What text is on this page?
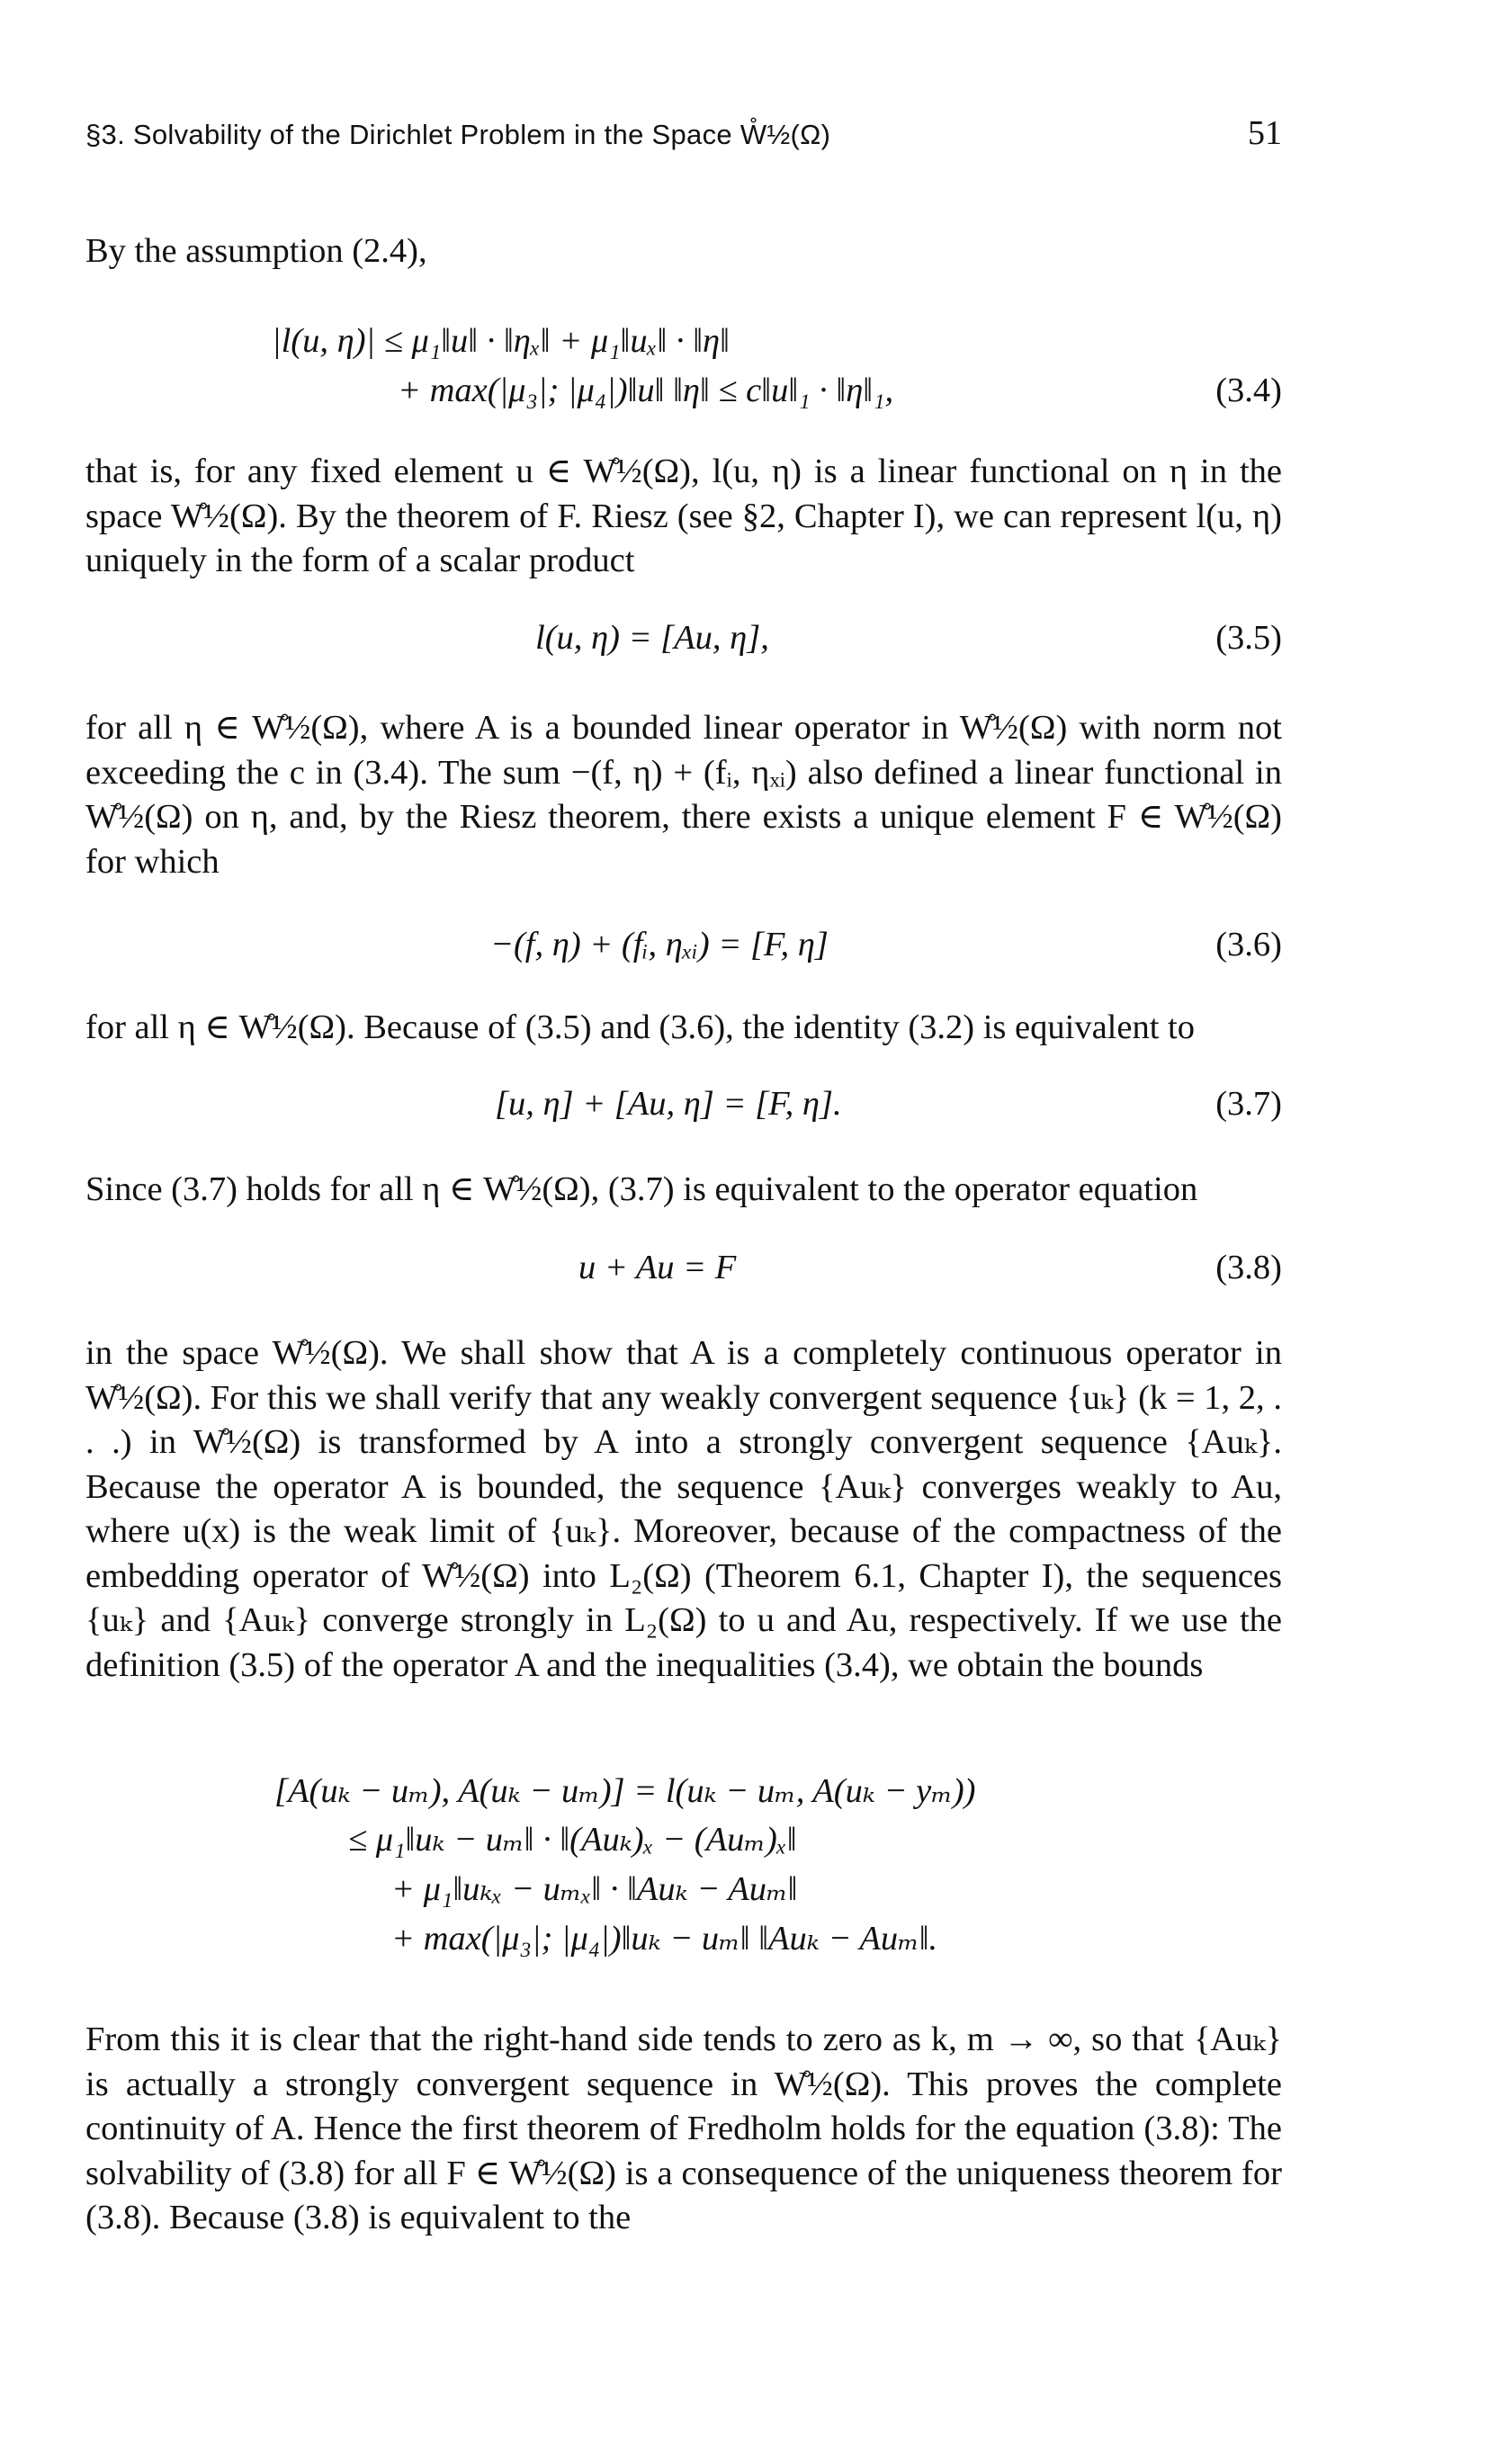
§3. Solvability of the Dirichlet Problem in the Space W̊½(Ω)	51

By the assumption (2.4),

|l(u, η)| ≤ μ₁‖u‖ · ‖ηₓ‖ + μ₁‖uₓ‖ · ‖η‖
+ max(|μ₃|; |μ₄|)‖u‖ ‖η‖ ≤ c‖u‖₁ · ‖η‖₁,	(3.4)

that is, for any fixed element u ∈ W̊½(Ω), l(u, η) is a linear functional on η in the space W̊½(Ω). By the theorem of F. Riesz (see §2, Chapter I), we can represent l(u, η) uniquely in the form of a scalar product

l(u, η) = [Au, η],	(3.5)

for all η ∈ W̊½(Ω), where A is a bounded linear operator in W̊½(Ω) with norm not exceeding the c in (3.4). The sum −(f, η) + (fᵢ, ηₓᵢ) also defined a linear functional in W̊½(Ω) on η, and, by the Riesz theorem, there exists a unique element F ∈ W̊½(Ω) for which

−(f, η) + (fᵢ, ηₓᵢ) = [F, η]	(3.6)

for all η ∈ W̊½(Ω). Because of (3.5) and (3.6), the identity (3.2) is equivalent to

[u, η] + [Au, η] = [F, η].	(3.7)

Since (3.7) holds for all η ∈ W̊½(Ω), (3.7) is equivalent to the operator equation

u + Au = F	(3.8)

in the space W̊½(Ω). We shall show that A is a completely continuous operator in W̊½(Ω). For this we shall verify that any weakly convergent sequence {uₖ} (k = 1, 2, . . .) in W̊½(Ω) is transformed by A into a strongly convergent sequence {Auₖ}. Because the operator A is bounded, the sequence {Auₖ} converges weakly to Au, where u(x) is the weak limit of {uₖ}. Moreover, because of the compactness of the embedding operator of W̊½(Ω) into L₂(Ω) (Theorem 6.1, Chapter I), the sequences {uₖ} and {Auₖ} converge strongly in L₂(Ω) to u and Au, respectively. If we use the definition (3.5) of the operator A and the inequalities (3.4), we obtain the bounds

[A(uₖ − uₘ), A(uₖ − uₘ)] = l(uₖ − uₘ, A(uₖ − yₘ))
≤ μ₁‖uₖ − uₘ‖ · ‖(Auₖ)ₓ − (Auₘ)ₓ‖
+ μ₁‖uₖₓ − uₘₓ‖ · ‖Auₖ − Auₘ‖
+ max(|μ₃|; |μ₄|)‖uₖ − uₘ‖ ‖Auₖ − Auₘ‖.

From this it is clear that the right-hand side tends to zero as k, m → ∞, so that {Auₖ} is actually a strongly convergent sequence in W̊½(Ω). This proves the complete continuity of A. Hence the first theorem of Fredholm holds for the equation (3.8): The solvability of (3.8) for all F ∈ W̊½(Ω) is a consequence of the uniqueness theorem for (3.8). Because (3.8) is equivalent to the
